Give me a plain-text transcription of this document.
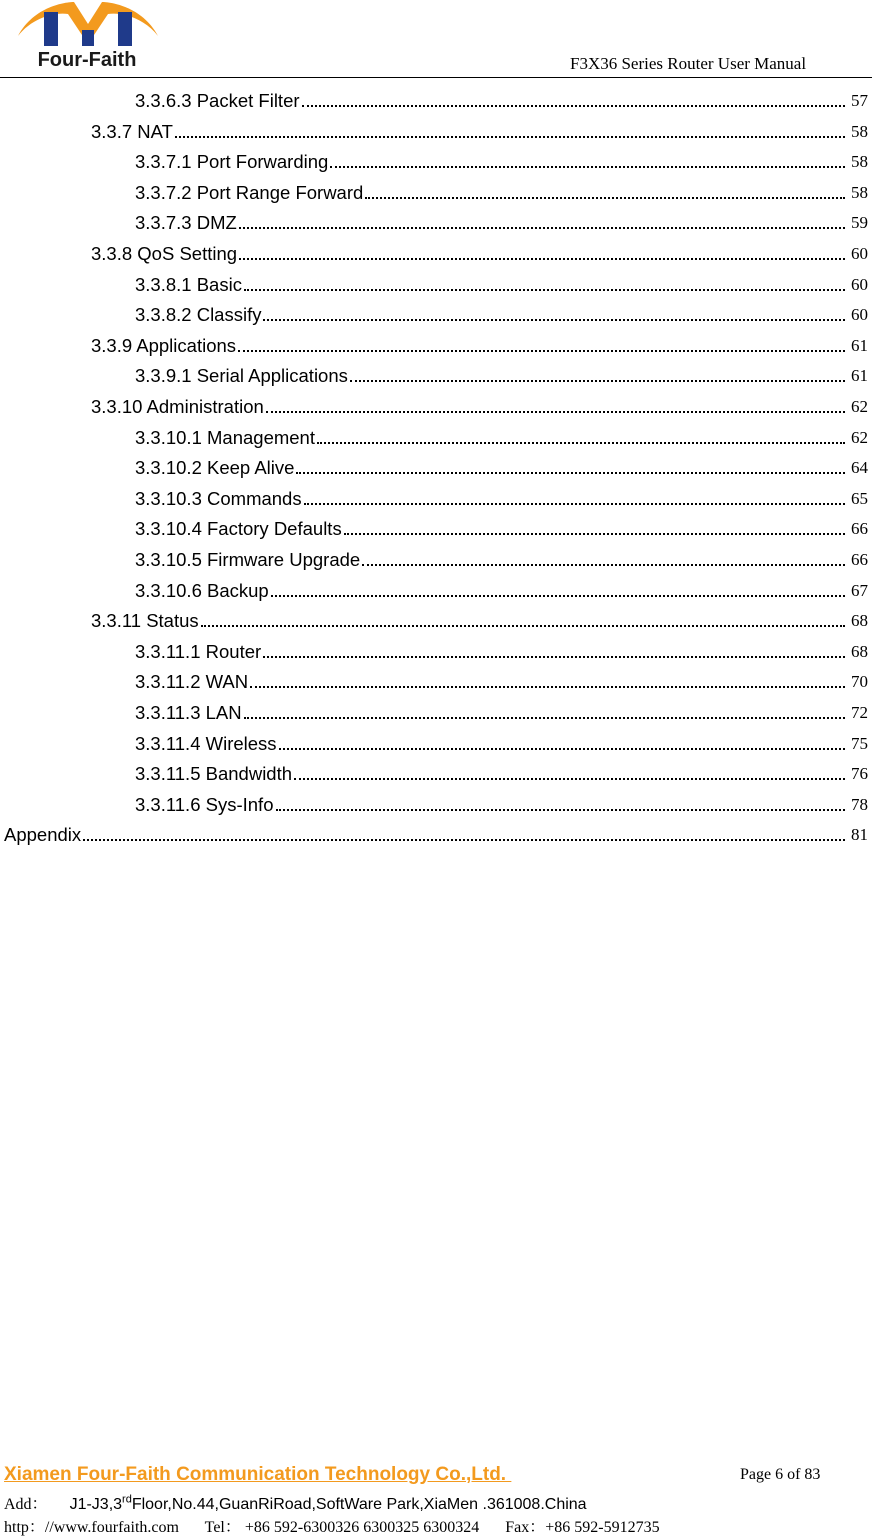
Four-Faith	F3X36 Series Router User Manual
3.3.6.3 Packet Filter	57
3.3.7 NAT	58
3.3.7.1 Port Forwarding	58
3.3.7.2 Port Range Forward	58
3.3.7.3 DMZ	59
3.3.8 QoS Setting	60
3.3.8.1 Basic	60
3.3.8.2 Classify	60
3.3.9 Applications	61
3.3.9.1 Serial Applications	61
3.3.10 Administration	62
3.3.10.1 Management	62
3.3.10.2 Keep Alive	64
3.3.10.3 Commands	65
3.3.10.4 Factory Defaults	66
3.3.10.5 Firmware Upgrade	66
3.3.10.6 Backup	67
3.3.11 Status	68
3.3.11.1 Router	68
3.3.11.2 WAN	70
3.3.11.3 LAN	72
3.3.11.4 Wireless	75
3.3.11.5 Bandwidth	76
3.3.11.6 Sys-Info	78
Appendix	81
Xiamen Four-Faith Communication Technology Co.,Ltd.	Page 6 of 83
Add： J1-J3,3rdFloor,No.44,GuanRiRoad,SoftWare Park,XiaMen .361008.China
http：//www.fourfaith.com Tel： +86 592-6300326 6300325 6300324 Fax：+86 592-5912735
